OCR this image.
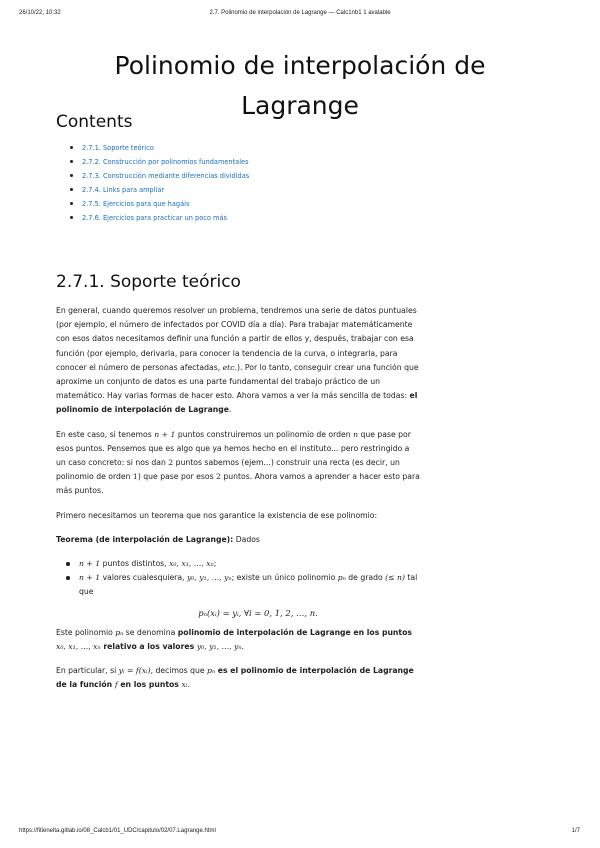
26/10/22, 10:32	2.7. Polinomio de interpolación de Lagrange — Calc1nb1 1 avalable
Polinomio de interpolación de Lagrange
Contents
2.7.1. Soporte teórico
2.7.2. Construcción por polinomios fundamentales
2.7.3. Construcción mediante diferencias divididas
2.7.4. Links para ampliar
2.7.5. Ejercicios para que hagáis
2.7.6. Ejercicios para practicar un poco más
2.7.1. Soporte teórico

En general, cuando queremos resolver un problema, tendremos una serie de datos puntuales (por ejemplo, el número de infectados por COVID día a día). Para trabajar matemáticamente con esos datos necesitamos definir una función a partir de ellos y, después, trabajar con esa función (por ejemplo, derivarla, para conocer la tendencia de la curva, o integrarla, para conocer el número de personas afectadas, etc.). Por lo tanto, conseguir crear una función que aproxime un conjunto de datos es una parte fundamental del trabajo práctico de un matemático. Hay varias formas de hacer esto. Ahora vamos a ver la más sencilla de todas: el polinomio de interpolación de Lagrange.

En este caso, si tenemos n + 1 puntos construiremos un polinomio de orden n que pase por esos puntos. Pensemos que es algo que ya hemos hecho en el instituto... pero restringido a un caso concreto: si nos dan 2 puntos sabemos (ejem...) construir una recta (es decir, un polinomio de orden 1) que pase por esos 2 puntos. Ahora vamos a aprender a hacer esto para más puntos.

Primero necesitamos un teorema que nos garantice la existencia de ese polinomio:

Teorema (de interpolación de Lagrange): Dados

n + 1 puntos distintos, x₀, x₁, …, xₙ;
n + 1 valores cualesquiera, y₀, y₁, …, yₙ; existe un único polinomio pₙ de grado (≤ n) tal que
pₙ(xᵢ) = yᵢ, ∀i = 0, 1, 2, …, n.

Este polinomio pₙ se denomina polinomio de interpolación de Lagrange en los puntos x₀, x₁, …, xₙ relativo a los valores y₀, y₁, …, yₙ.

En particular, si yᵢ = f(xᵢ), decimos que pₙ es el polinomio de interpolación de Lagrange de la función f en los puntos xᵢ.

https://fitienelta.gitlab.io/08_Calcb1/01_UDC/capitulo/02/07.Lagrange.html	1/7
